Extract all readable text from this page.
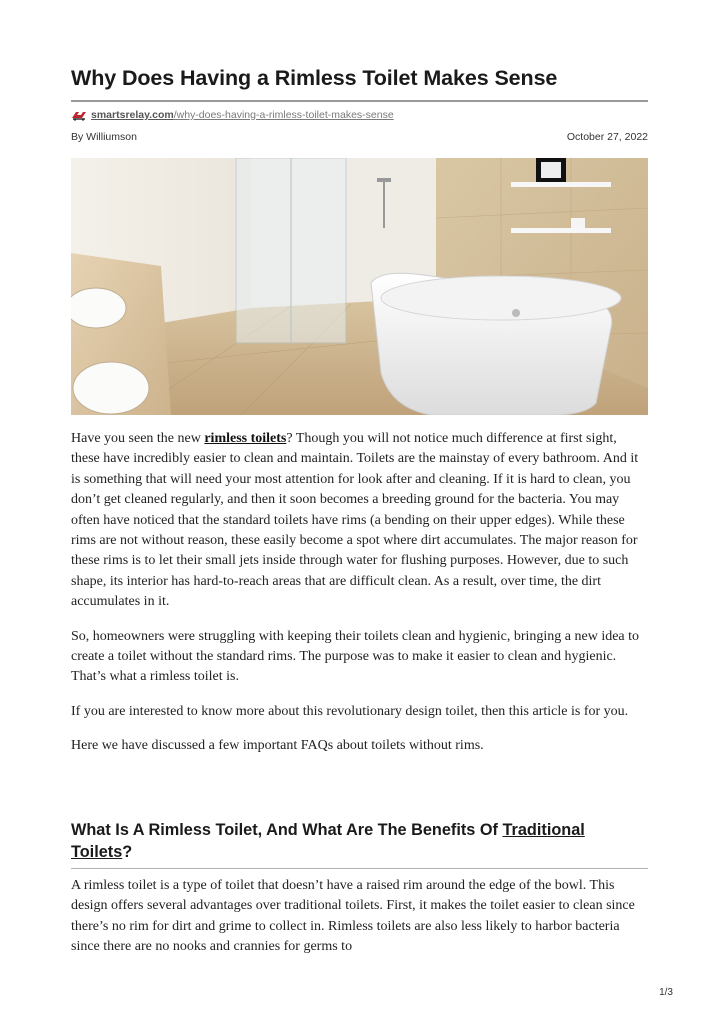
Why Does Having a Rimless Toilet Makes Sense
smartsrelay.com /why-does-having-a-rimless-toilet-makes-sense
By Williumson	October 27, 2022

Have you seen the new rimless toilets? Though you will not notice much difference at first sight, these have incredibly easier to clean and maintain. Toilets are the mainstay of every bathroom. And it is something that will need your most attention for look after and cleaning. If it is hard to clean, you don’t get cleaned regularly, and then it soon becomes a breeding ground for the bacteria. You may often have noticed that the standard toilets have rims (a bending on their upper edges). While these rims are not without reason, these easily become a spot where dirt accumulates. The major reason for these rims is to let their small jets inside through water for flushing purposes. However, due to such shape, its interior has hard-to-reach areas that are difficult clean. As a result, over time, the dirt accumulates in it.

So, homeowners were struggling with keeping their toilets clean and hygienic, bringing a new idea to create a toilet without the standard rims. The purpose was to make it easier to clean and hygienic. That’s what a rimless toilet is.

If you are interested to know more about this revolutionary design toilet, then this article is for you.

Here we have discussed a few important FAQs about toilets without rims.

What Is A Rimless Toilet, And What Are The Benefits Of Traditional Toilets?

A rimless toilet is a type of toilet that doesn’t have a raised rim around the edge of the bowl. This design offers several advantages over traditional toilets. First, it makes the toilet easier to clean since there’s no rim for dirt and grime to collect in. Rimless toilets are also less likely to harbor bacteria since there are no nooks and crannies for germs to

1/3
